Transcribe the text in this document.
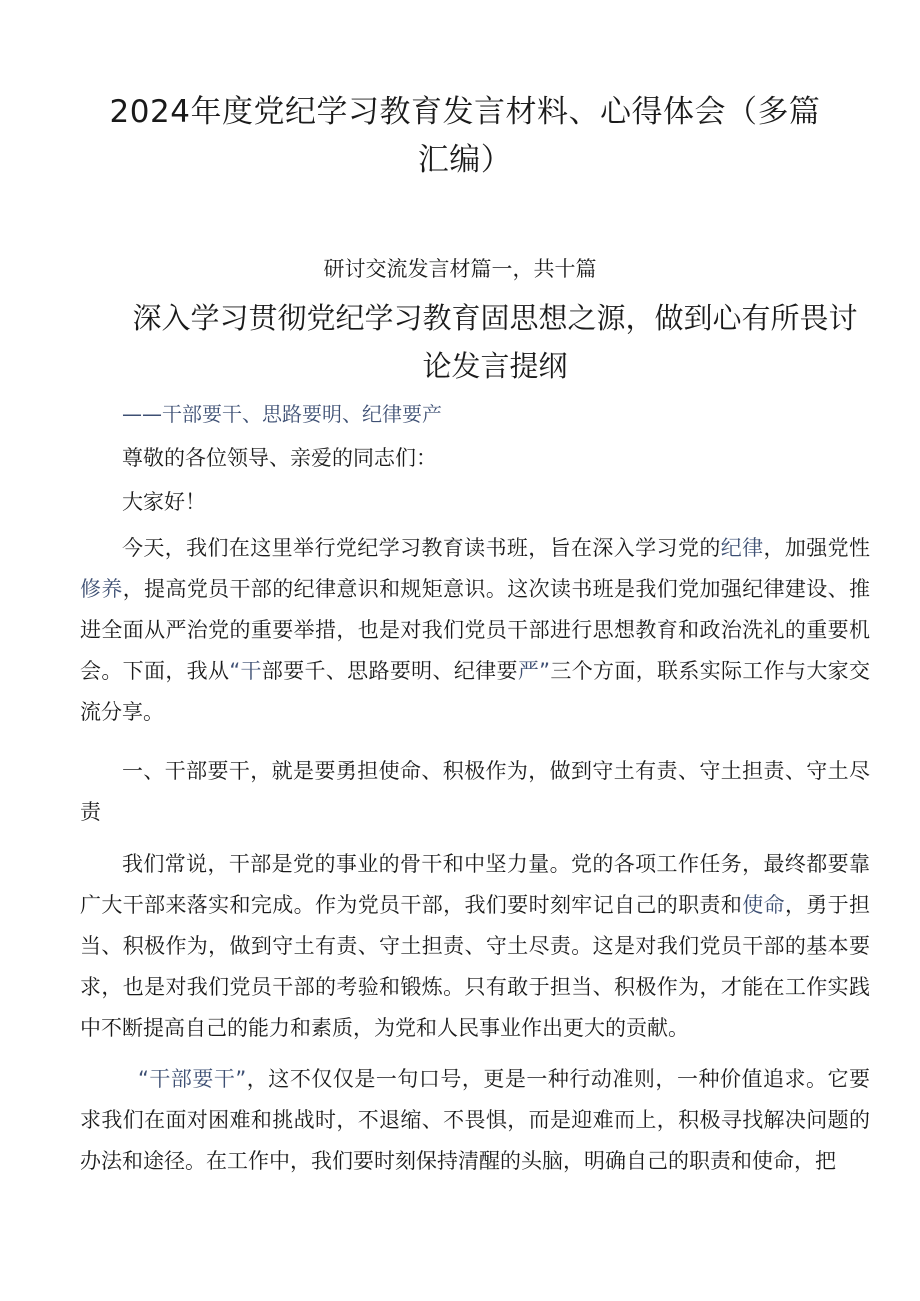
2024年度党纪学习教育发言材料、心得体会（多篇汇编）
研讨交流发言材篇一，共十篇
深入学习贯彻党纪学习教育固思想之源，做到心有所畏讨论发言提纲
——干部要干、思路要明、纪律要产
尊敬的各位领导、亲爱的同志们：
大家好！

今天，我们在这里举行党纪学习教育读书班，旨在深入学习党的纪律，加强党性修养，提高党员干部的纪律意识和规矩意识。这次读书班是我们党加强纪律建设、推进全面从严治党的重要举措，也是对我们党员干部进行思想教育和政治洗礼的重要机会。下面，我从“干部要千、思路要明、纪律要严”三个方面，联系实际工作与大家交流分享。

一、干部要干，就是要勇担使命、积极作为，做到守土有责、守土担责、守土尽责

我们常说，干部是党的事业的骨干和中坚力量。党的各项工作任务，最终都要靠广大干部来落实和完成。作为党员干部，我们要时刻牢记自己的职责和使命，勇于担当、积极作为，做到守土有责、守土担责、守土尽责。这是对我们党员干部的基本要求，也是对我们党员干部的考验和锻炼。只有敢于担当、积极作为，才能在工作实践中不断提高自己的能力和素质，为党和人民事业作出更大的贡献。

“干部要干”，这不仅仅是一句口号，更是一种行动准则，一种价值追求。它要求我们在面对困难和挑战时，不退缩、不畏惧，而是迎难而上，积极寻找解决问题的办法和途径。在工作中，我们要时刻保持清醒的头脑，明确自己的职责和使命，把
